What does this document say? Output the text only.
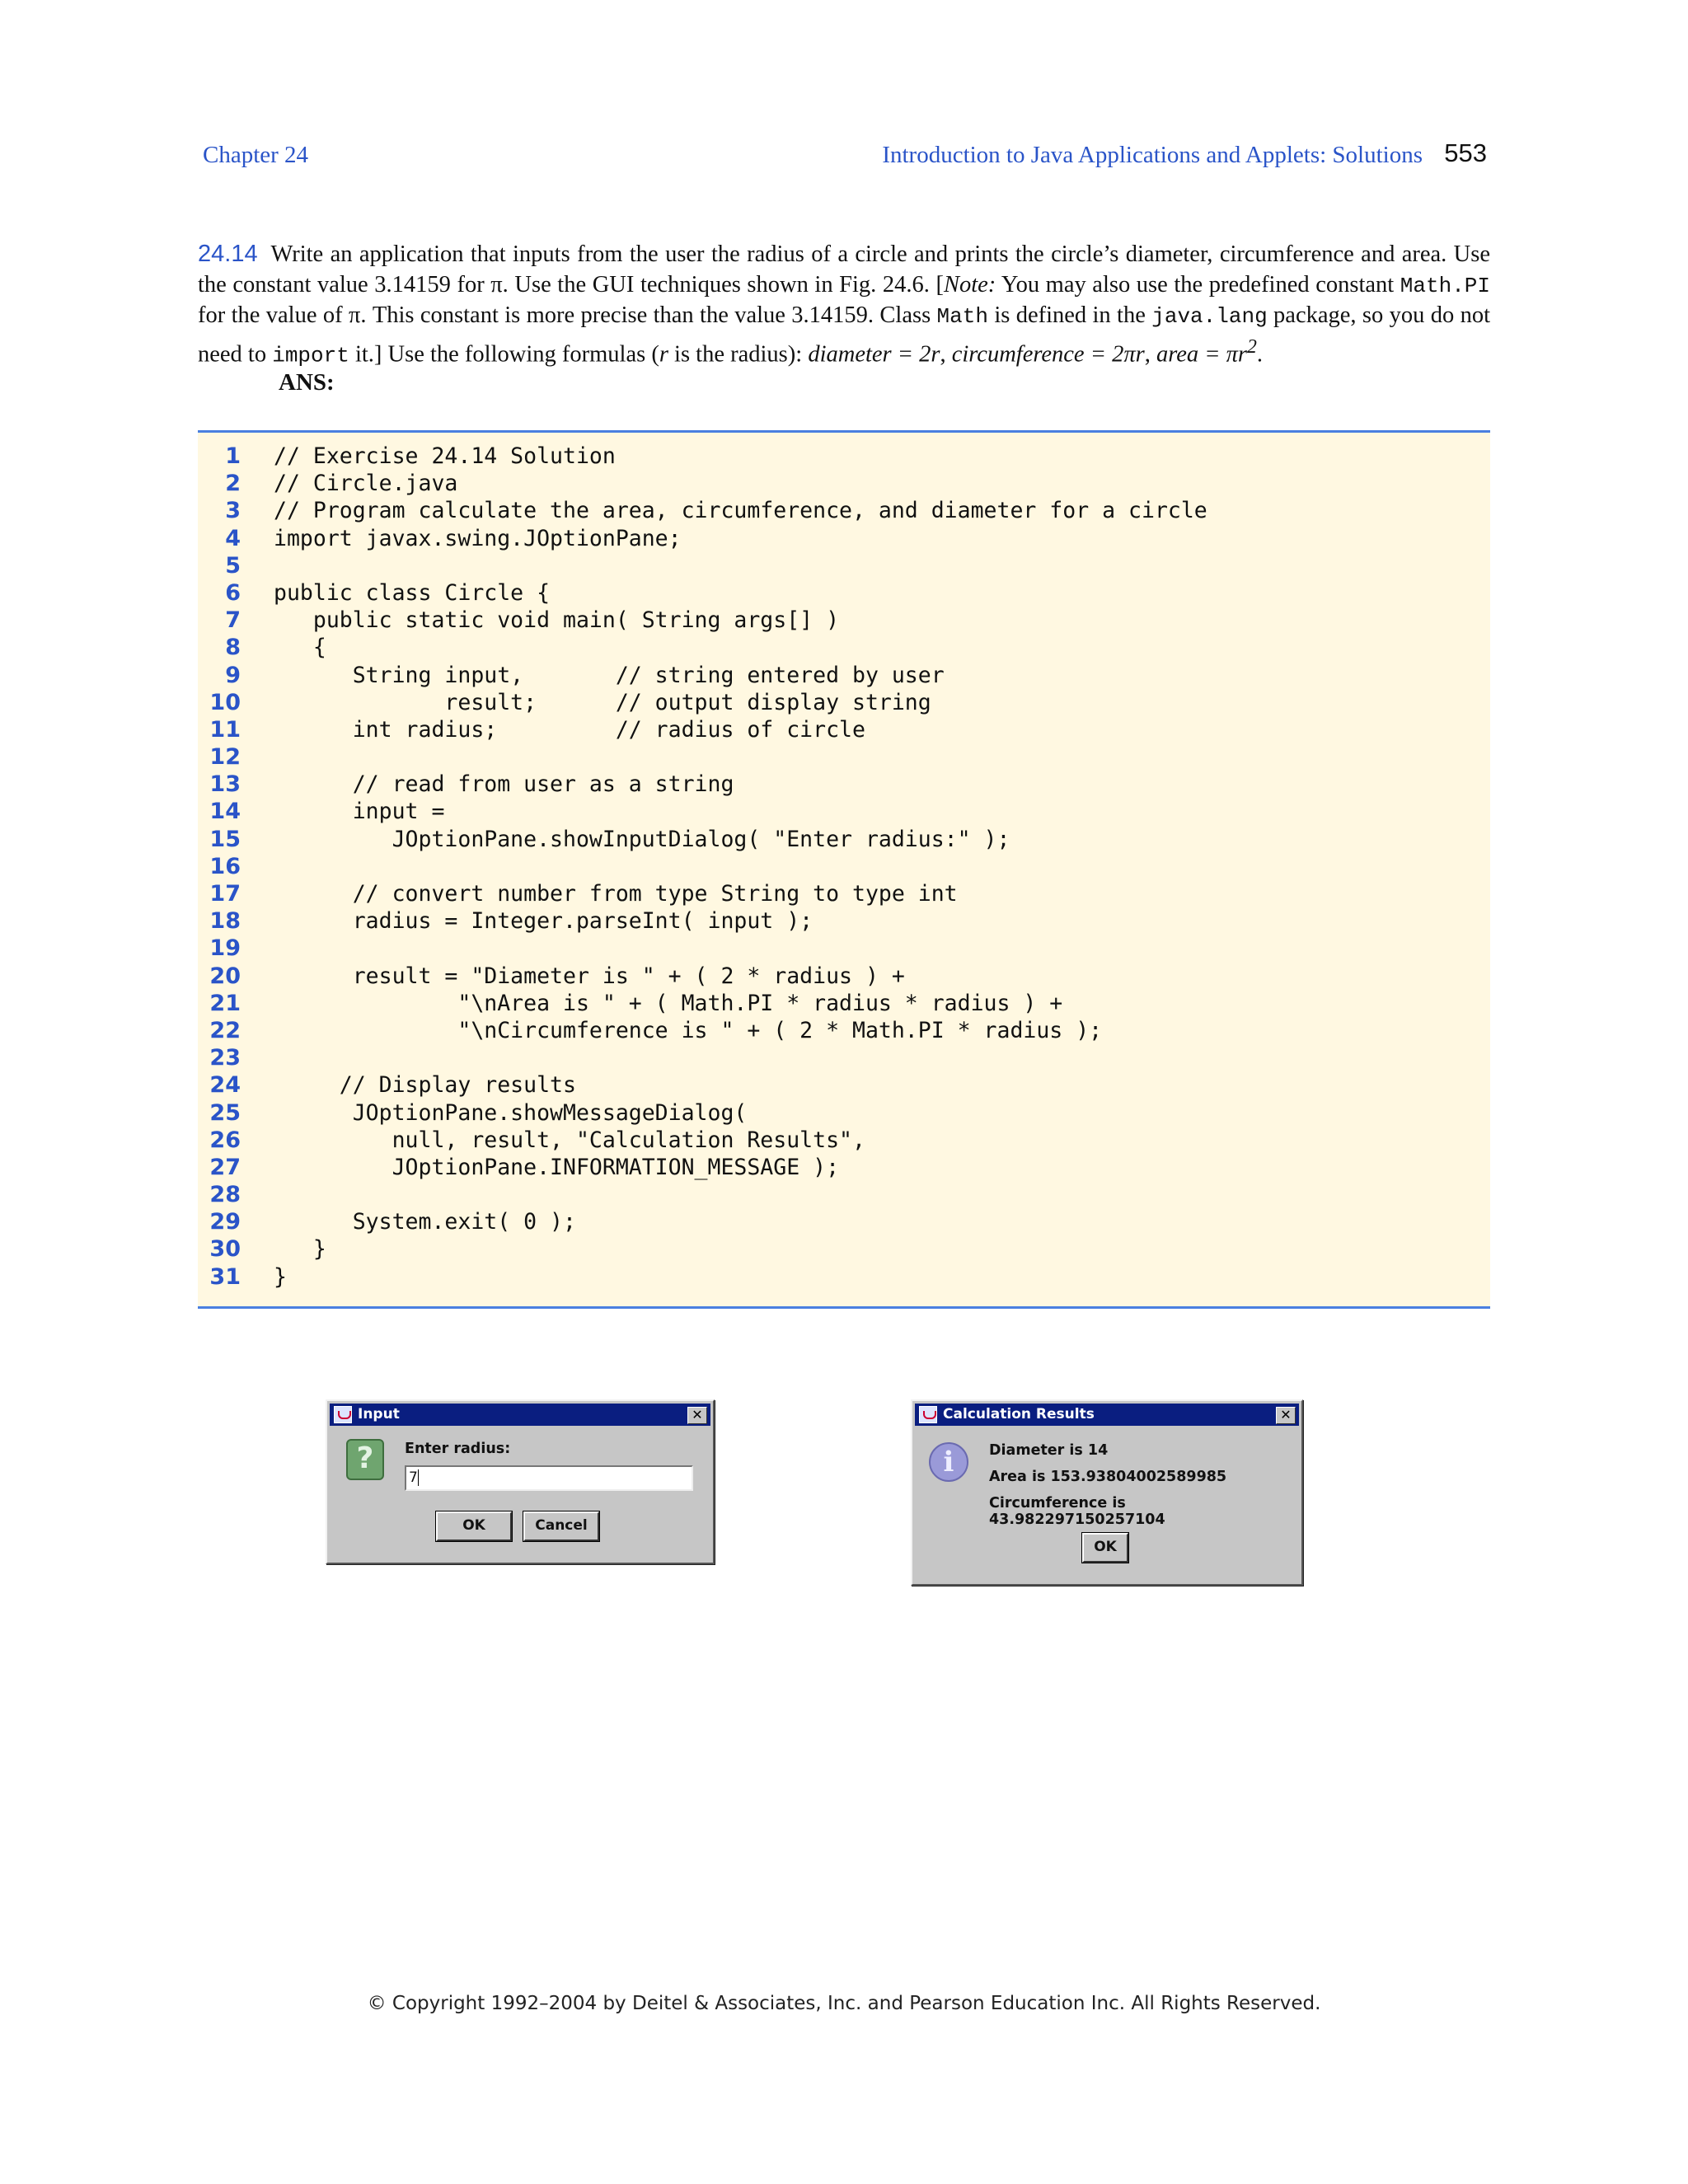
Chapter 24	Introduction to Java Applications and Applets: Solutions 553
24.14 Write an application that inputs from the user the radius of a circle and prints the circle’s diameter, circumference and area. Use the constant value 3.14159 for π. Use the GUI techniques shown in Fig. 24.6. [Note: You may also use the predefined constant Math.PI for the value of π. This constant is more precise than the value 3.14159. Class Math is defined in the java.lang package, so you do not need to import it.] Use the following formulas (r is the radius): diameter = 2r, circumference = 2πr, area = $\pi r^2$.
ANS:
1	// Exercise 24.14 Solution
2	// Circle.java
3	// Program calculate the area, circumference, and diameter for a circle
4	import javax.swing.JOptionPane;
5
6	public class Circle {
7	public static void main( String args[] )
8	{
9	String input,       // string entered by user
10	result;      // output display string
11	int radius;         // radius of circle
12
13	// read from user as a string
14	input =
15	JOptionPane.showInputDialog( "Enter radius:" );
16
17	// convert number from type String to type int
18	radius = Integer.parseInt( input );
19
20	result = "Diameter is " + ( 2 * radius ) +
21	"\nArea is " + ( Math.PI * radius * radius ) +
22	"\nCircumference is " + ( 2 * Math.PI * radius );
23
24	// Display results
25	JOptionPane.showMessageDialog(
26	null, result, "Calculation Results",
27	JOptionPane.INFORMATION_MESSAGE );
28
29	System.exit( 0 );
30	}
31	}
Input	✕
?	Enter radius:
7
OK	Cancel
Calculation Results	✕
i	Diameter is 14
Area is 153.93804002589985
Circumference is 43.982297150257104
OK
© Copyright 1992–2004 by Deitel & Associates, Inc. and Pearson Education Inc. All Rights Reserved.
